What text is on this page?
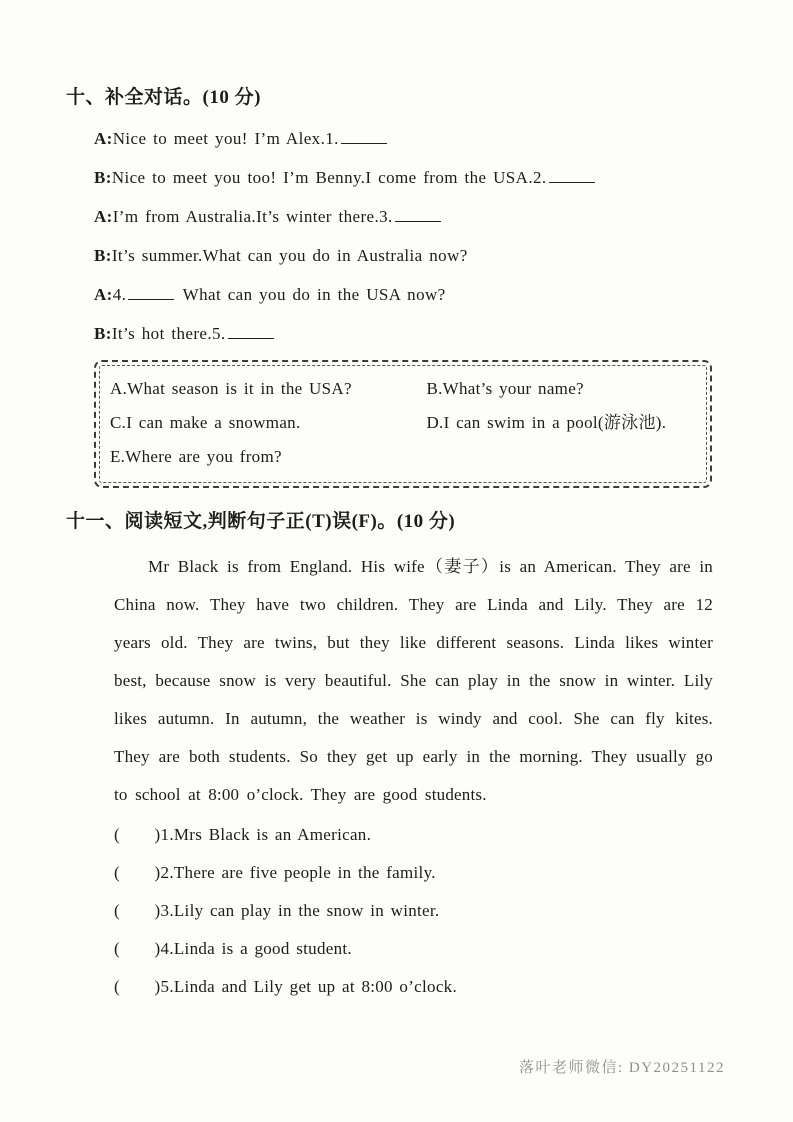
十、补全对话。(10 分)

A:Nice to meet you! I’m Alex.1.

B:Nice to meet you too! I’m Benny.I come from the USA.2.

A:I’m from Australia.It’s winter there.3.

B:It’s summer.What can you do in Australia now?

A:4.	What can you do in the USA now?

B:It’s hot there.5.

A.What season is it in the USA?	B.What’s your name?
C.I can make a snowman.	D.I can swim in a pool(游泳池).
E.Where are you from?
十一、阅读短文,判断句子正(T)误(F)。(10 分)

Mr Black is from England. His wife（妻子）is an American. They are in China now. They have two children. They are Linda and Lily. They are 12 years old. They are twins, but they like different seasons. Linda likes winter best, because snow is very beautiful. She can play in the snow in winter. Lily likes autumn. In autumn, the weather is windy and cool. She can fly kites. They are both students. So they get up early in the morning. They usually go to school at 8:00 o’clock. They are good students.

(　　)1.Mrs Black is an American.

(　　)2.There are five people in the family.

(　　)3.Lily can play in the snow in winter.

(　　)4.Linda is a good student.

(　　)5.Linda and Lily get up at 8:00 o’clock.

落叶老师微信: DY20251122
